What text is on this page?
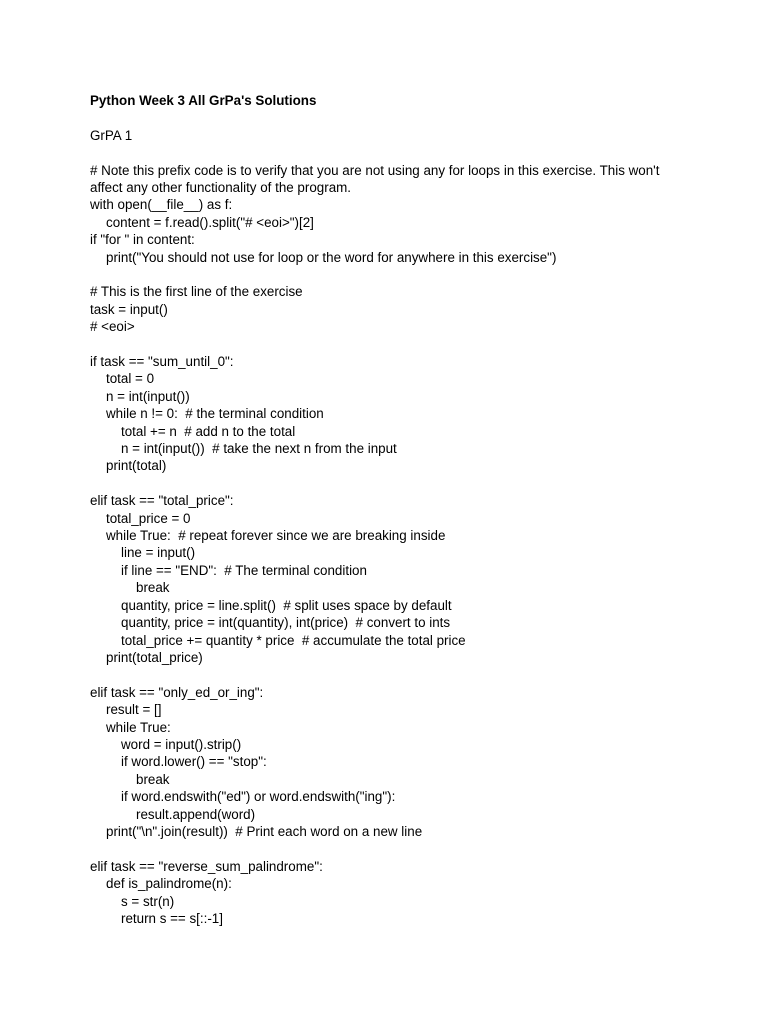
Python Week 3 All GrPa's Solutions
GrPA 1
# Note this prefix code is to verify that you are not using any for loops in this exercise. This won't
affect any other functionality of the program.
with open(__file__) as f:
content = f.read().split("# <eoi>")[2]
if "for " in content:
print("You should not use for loop or the word for anywhere in this exercise")
# This is the first line of the exercise
task = input()
# <eoi>
if task == "sum_until_0":
total = 0
n = int(input())
while n != 0:  # the terminal condition
total += n  # add n to the total
n = int(input())  # take the next n from the input
print(total)
elif task == "total_price":
total_price = 0
while True:  # repeat forever since we are breaking inside
line = input()
if line == "END":  # The terminal condition
break
quantity, price = line.split()  # split uses space by default
quantity, price = int(quantity), int(price)  # convert to ints
total_price += quantity * price  # accumulate the total price
print(total_price)
elif task == "only_ed_or_ing":
result = []
while True:
word = input().strip()
if word.lower() == "stop":
break
if word.endswith("ed") or word.endswith("ing"):
result.append(word)
print("\n".join(result))  # Print each word on a new line
elif task == "reverse_sum_palindrome":
def is_palindrome(n):
s = str(n)
return s == s[::-1]
